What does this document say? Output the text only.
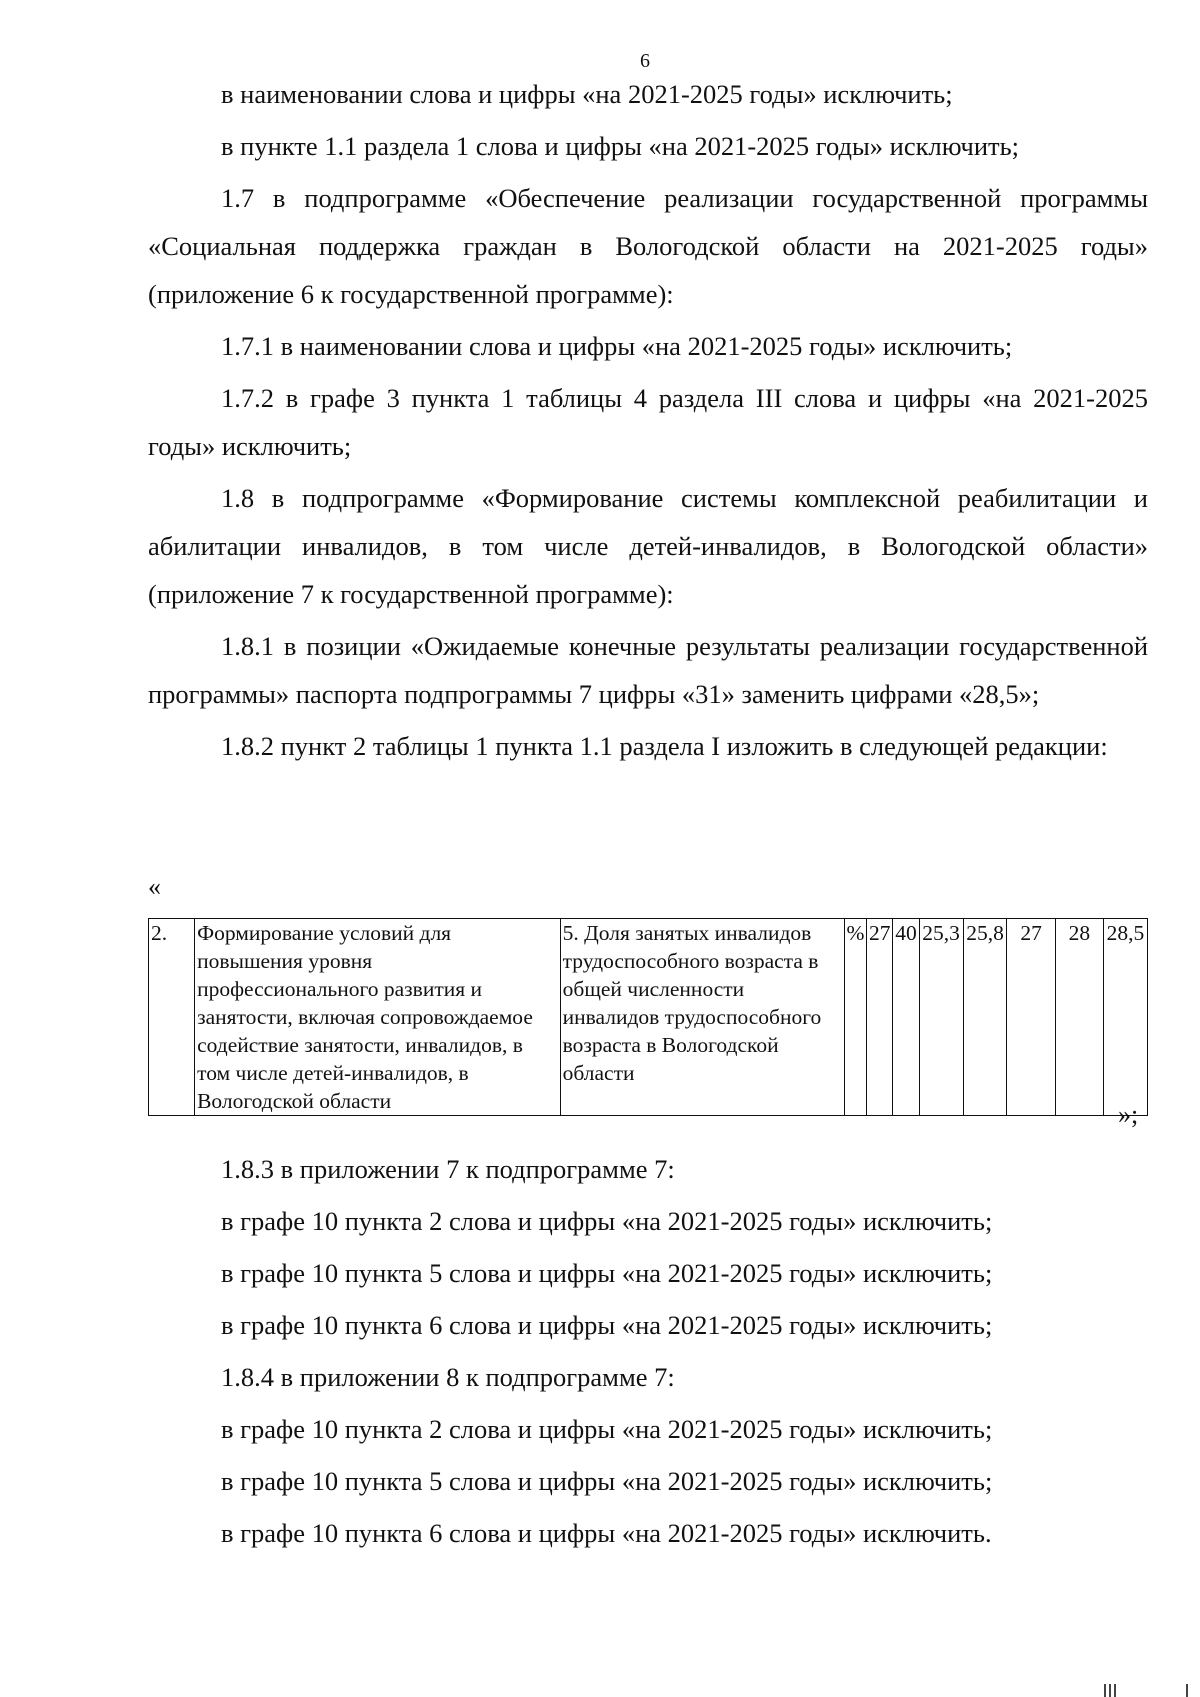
6

в наименовании слова и цифры «на 2021-2025 годы» исключить;

в пункте 1.1 раздела 1 слова и цифры «на 2021-2025 годы» исключить;

1.7 в подпрограмме «Обеспечение реализации государственной программы «Социальная поддержка граждан в Вологодской области на 2021-2025 годы» (приложение 6 к государственной программе):

1.7.1 в наименовании слова и цифры «на 2021-2025 годы» исключить;

1.7.2 в графе 3 пункта 1 таблицы 4 раздела III слова и цифры «на 2021-2025 годы» исключить;

1.8 в подпрограмме «Формирование системы комплексной реабилитации и абилитации инвалидов, в том числе детей-инвалидов, в Вологодской области» (приложение 7 к государственной программе):

1.8.1 в позиции «Ожидаемые конечные результаты реализации государственной программы» паспорта подпрограммы 7 цифры «31» заменить цифрами «28,5»;

1.8.2 пункт 2 таблицы 1 пункта 1.1 раздела I изложить в следующей редакции:

«
2.	Формирование условий для повышения уровня профессионального развития и занятости, включая сопровождаемое содействие занятости, инвалидов, в том числе детей-инвалидов, в Вологодской области	5. Доля занятых инвалидов трудоспособного возраста в общей численности инвалидов трудоспособного возраста в Вологодской области	%	27	40	25,3	25,8	27	28	28,5
»;

1.8.3 в приложении 7 к подпрограмме 7:

в графе 10 пункта 2 слова и цифры «на 2021-2025 годы» исключить;

в графе 10 пункта 5 слова и цифры «на 2021-2025 годы» исключить;

в графе 10 пункта 6 слова и цифры «на 2021-2025 годы» исключить;

1.8.4 в приложении 8 к подпрограмме 7:

в графе 10 пункта 2 слова и цифры «на 2021-2025 годы» исключить;

в графе 10 пункта 5 слова и цифры «на 2021-2025 годы» исключить;

в графе 10 пункта 6 слова и цифры «на 2021-2025 годы» исключить.
